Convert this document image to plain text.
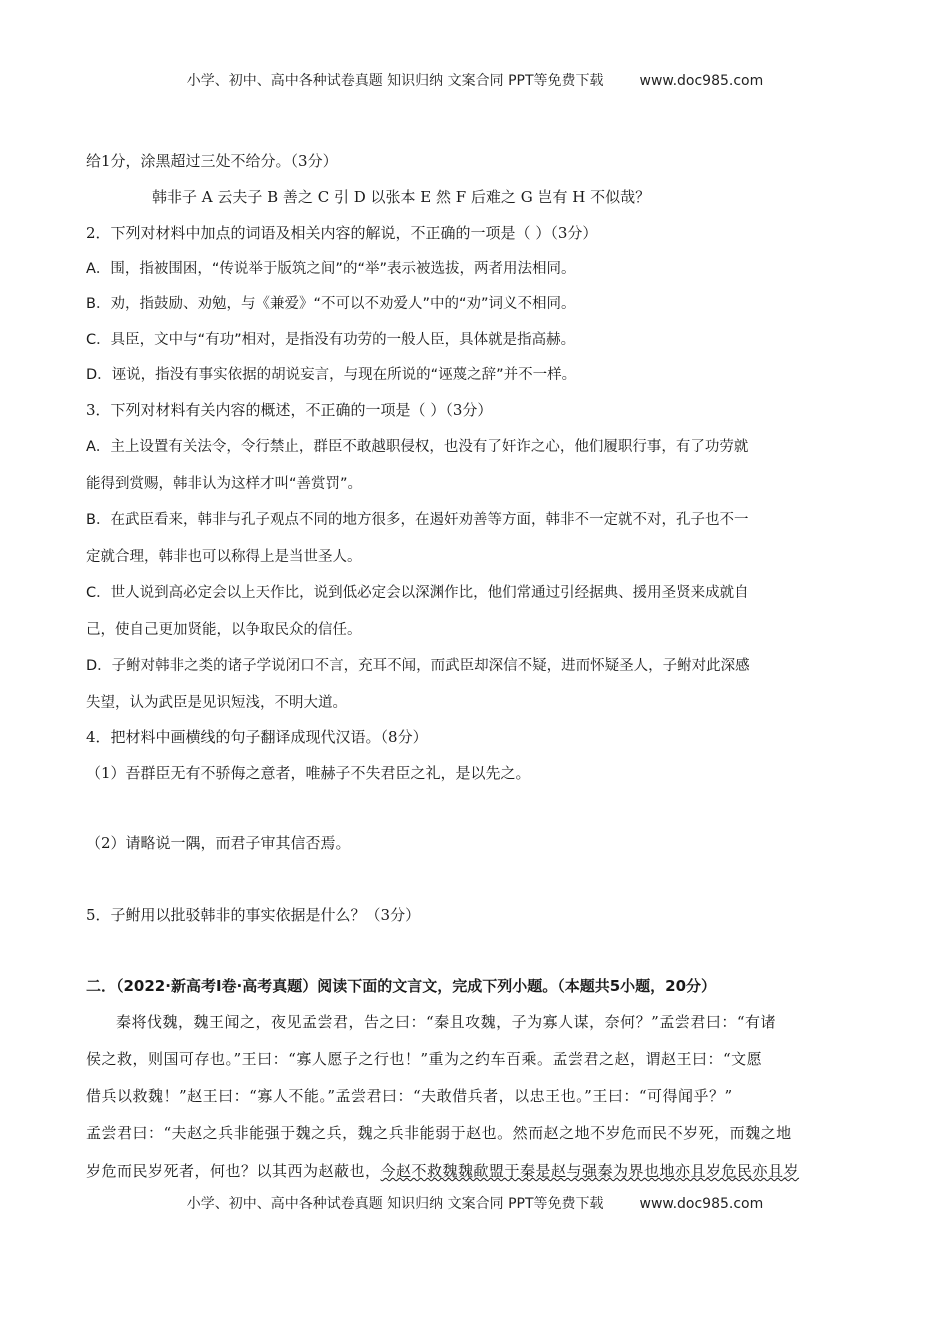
小学、初中、高中各种试卷真题 知识归纳 文案合同 PPT等免费下载	www.doc985.com
给1分，涂黑超过三处不给分。（3分）
韩非子 A 云夫子 B 善之 C 引 D 以张本 E 然 F 后难之 G 岂有 H 不似哉？
2．下列对材料中加点的词语及相关内容的解说，不正确的一项是（ ）（3分）
A．围，指被围困，“传说举于版筑之间”的“举”表示被选拔，两者用法相同。
B．劝，指鼓励、劝勉，与《兼爱》“不可以不劝爱人”中的“劝”词义不相同。
C．具臣，文中与“有功”相对，是指没有功劳的一般人臣，具体就是指高赫。
D．诬说，指没有事实依据的胡说妄言，与现在所说的“诬蔑之辞”并不一样。
3．下列对材料有关内容的概述，不正确的一项是（ ）（3分）
A．主上设置有关法令，令行禁止，群臣不敢越职侵权，也没有了奸诈之心，他们履职行事，有了功劳就
能得到赏赐，韩非认为这样才叫“善赏罚”。
B．在武臣看来，韩非与孔子观点不同的地方很多，在遏奸劝善等方面，韩非不一定就不对，孔子也不一
定就合理，韩非也可以称得上是当世圣人。
C．世人说到高必定会以上天作比，说到低必定会以深渊作比，他们常通过引经据典、援用圣贤来成就自
己，使自己更加贤能，以争取民众的信任。
D．子鲋对韩非之类的诸子学说闭口不言，充耳不闻，而武臣却深信不疑，进而怀疑圣人，子鲋对此深感
失望，认为武臣是见识短浅，不明大道。
4．把材料中画横线的句子翻译成现代汉语。（8分）
（1）吾群臣无有不骄侮之意者，唯赫子不失君臣之礼，是以先之。
（2）请略说一隅，而君子审其信否焉。
5．子鲋用以批驳韩非的事实依据是什么？（3分）
二．（2022·新高考Ⅰ卷·高考真题）阅读下面的文言文，完成下列小题。（本题共5小题，20分）
秦将伐魏，魏王闻之，夜见孟尝君，告之曰：“秦且攻魏，子为寡人谋，奈何？”孟尝君曰：“有诸
侯之救，则国可存也。”王曰：“寡人愿子之行也！”重为之约车百乘。孟尝君之赵，谓赵王曰：“文愿
借兵以救魏！”赵王曰：“寡人不能。”孟尝君曰：“夫敢借兵者，以忠王也。”王曰：“可得闻乎？”
孟尝君曰：“夫赵之兵非能强于魏之兵，魏之兵非能弱于赵也。然而赵之地不岁危而民不岁死，而魏之地
岁危而民岁死者，何也？以其西为赵蔽也，今赵不救魏魏歃盟于秦是赵与强秦为界也地亦且岁危民亦且岁
小学、初中、高中各种试卷真题 知识归纳 文案合同 PPT等免费下载	www.doc985.com
